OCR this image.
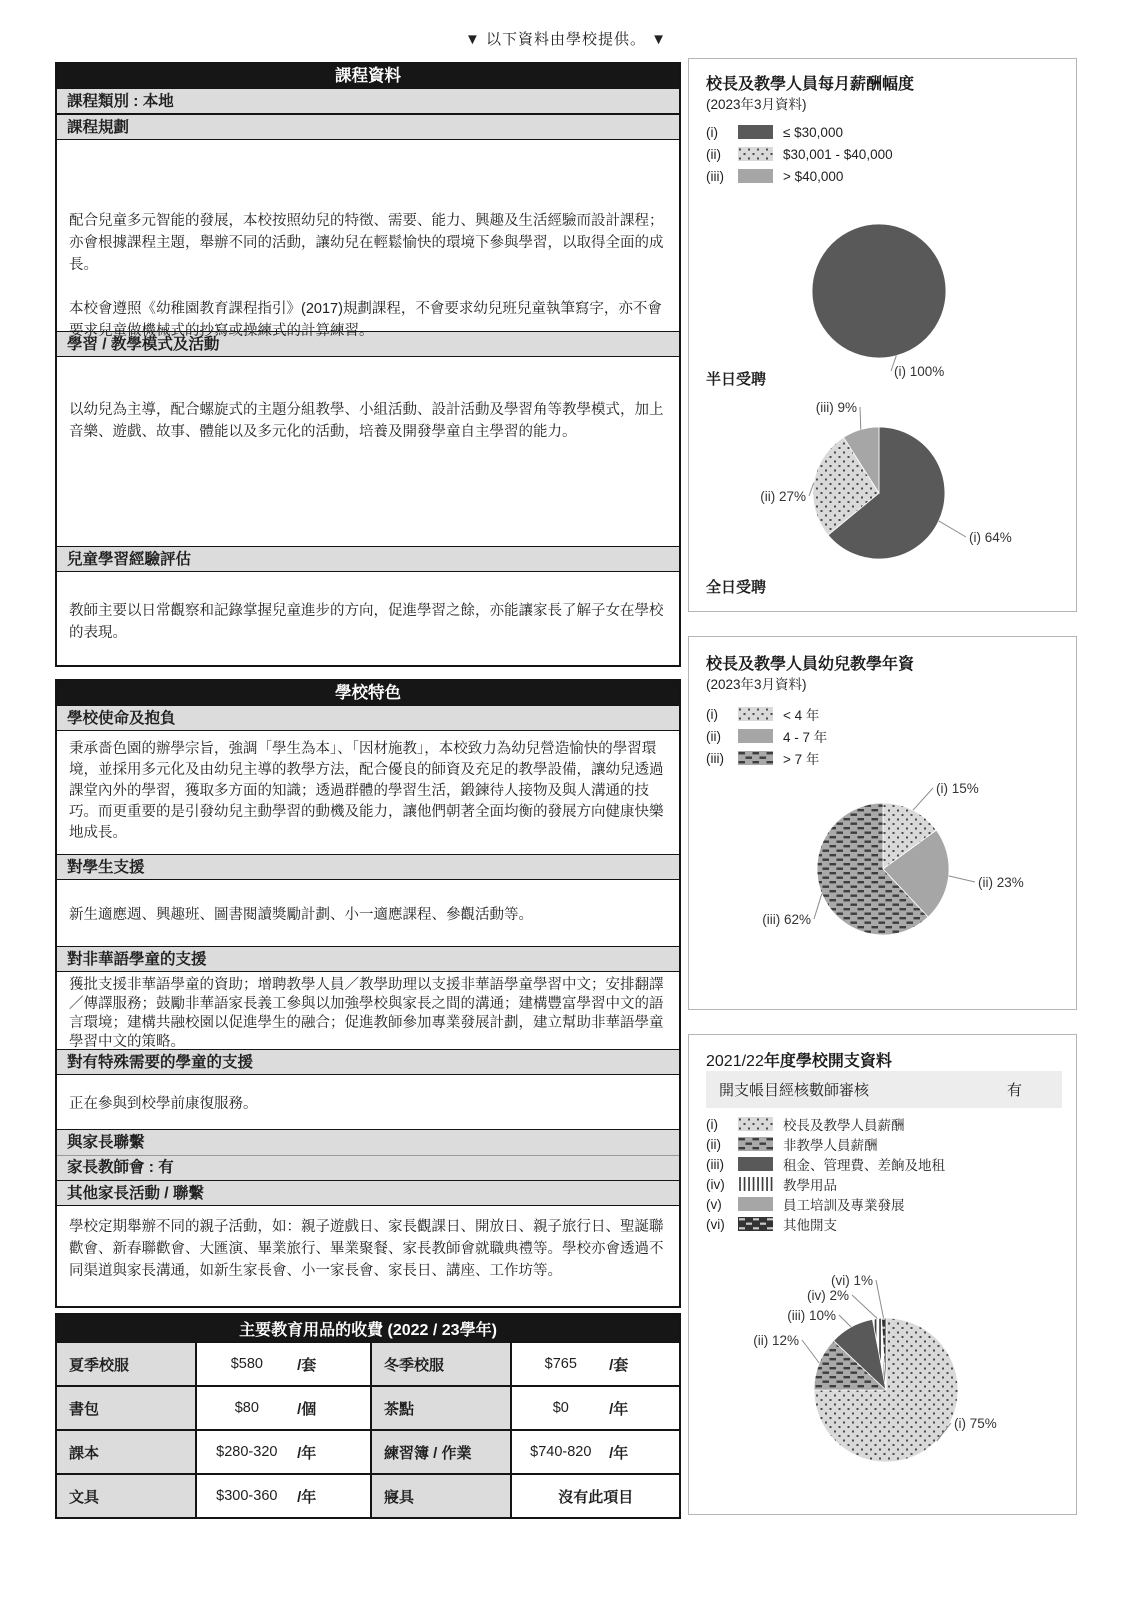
▼ 以下資料由學校提供。 ▼
課程資料
課程類別 : 本地
課程規劃

配合兒童多元智能的發展，本校按照幼兒的特徵、需要、能力、興趣及生活經驗而設計課程；亦會根據課程主題，舉辦不同的活動，讓幼兒在輕鬆愉快的環境下參與學習，以取得全面的成長。

本校會遵照《幼稚園教育課程指引》(2017)規劃課程，不會要求幼兒班兒童執筆寫字，亦不會要求兒童做機械式的抄寫或操練式的計算練習。

學習 / 教學模式及活動

以幼兒為主導，配合螺旋式的主題分組教學、小組活動、設計活動及學習角等教學模式，加上音樂、遊戲、故事、體能以及多元化的活動，培養及開發學童自主學習的能力。

兒童學習經驗評估

教師主要以日常觀察和記錄掌握兒童進步的方向，促進學習之餘，亦能讓家長了解子女在學校的表現。

學校特色
學校使命及抱負

秉承嗇色園的辦學宗旨，強調「學生為本」、「因材施教」，本校致力為幼兒營造愉快的學習環境，並採用多元化及由幼兒主導的教學方法，配合優良的師資及充足的教學設備，讓幼兒透過課堂內外的學習，獲取多方面的知識；透過群體的學習生活，鍛鍊待人接物及與人溝通的技巧。而更重要的是引發幼兒主動學習的動機及能力，讓他們朝著全面均衡的發展方向健康快樂地成長。

對學生支援

新生適應週、興趣班、圖書閱讀獎勵計劃、小一適應課程、參觀活動等。

對非華語學童的支援

獲批支援非華語學童的資助；增聘教學人員／教學助理以支援非華語學童學習中文；安排翻譯／傳譯服務；鼓勵非華語家長義工參與以加強學校與家長之間的溝通；建構豐富學習中文的語言環境；建構共融校園以促進學生的融合；促進教師參加專業發展計劃，建立幫助非華語學童學習中文的策略。

對有特殊需要的學童的支援

正在參與到校學前康復服務。

與家長聯繫
家長教師會 : 有
其他家長活動 / 聯繫

學校定期舉辦不同的親子活動，如：親子遊戲日、家長觀課日、開放日、親子旅行日、聖誕聯歡會、新春聯歡會、大匯演、畢業旅行、畢業聚餐、家長教師會就職典禮等。學校亦會透過不同渠道與家長溝通，如新生家長會、小一家長會、家長日、講座、工作坊等。

主要教育用品的收費 (2022 / 23學年)			
夏季校服	$580 /套	冬季校服	$765 /套

書包	$80 /個	茶點	$0 /年

課本	$280-320 /年	練習簿 / 作業	$740-820 /年

文具	$300-360 /年	寢具	沒有此項目
校長及教學人員每月薪酬幅度
(2023年3月資料)
(i)	≤ $30,000
(ii)	$30,001 - $40,000
(iii)	> $40,000
(i) 100%
半日受聘
(i) 64%
(ii) 27%
(iii) 9%
全日受聘
校長及教學人員幼兒教學年資
(2023年3月資料)
(i)	< 4 年
(ii)	4 - 7 年
(iii)	> 7 年
(i) 15%
(ii) 23%
(iii) 62%
2021/22年度學校開支資料
開支帳目經核數師審核	有
(i)	校長及教學人員薪酬
(ii)	非教學人員薪酬
(iii)	租金、管理費、差餉及地租
(iv)	教學用品
(v)	員工培訓及專業發展
(vi)	其他開支
(i) 75%
(ii) 12%
(iii) 10%
(iv) 2%
(vi) 1%
